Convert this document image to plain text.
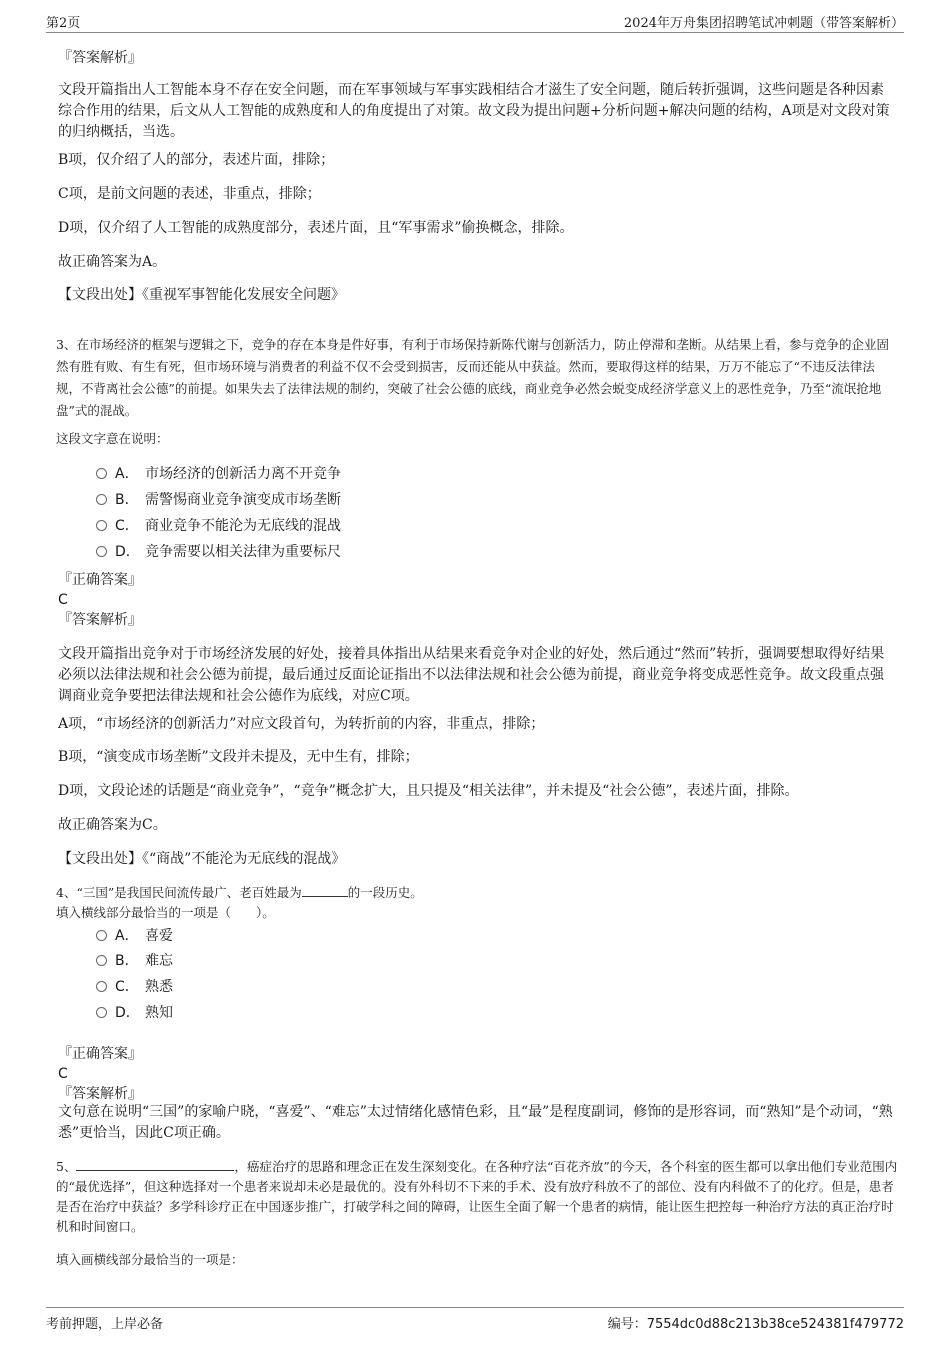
第2页	2024年万舟集团招聘笔试冲刺题（带答案解析）
『答案解析』
文段开篇指出人工智能本身不存在安全问题，而在军事领域与军事实践相结合才滋生了安全问题，随后转折强调，这些问题是各种因素综合作用的结果，后文从人工智能的成熟度和人的角度提出了对策。故文段为提出问题+分析问题+解决问题的结构，A项是对文段对策的归纳概括，当选。
B项，仅介绍了人的部分，表述片面，排除；
C项，是前文问题的表述，非重点，排除；
D项，仅介绍了人工智能的成熟度部分，表述片面，且“军事需求”偷换概念，排除。
故正确答案为A。
【文段出处】《重视军事智能化发展安全问题》
3、在市场经济的框架与逻辑之下，竞争的存在本身是件好事，有利于市场保持新陈代谢与创新活力，防止停滞和垄断。从结果上看，参与竞争的企业固然有胜有败、有生有死，但市场环境与消费者的利益不仅不会受到损害，反而还能从中获益。然而，要取得这样的结果，万万不能忘了“不违反法律法规，不背离社会公德”的前提。如果失去了法律法规的制约，突破了社会公德的底线，商业竞争必然会蜕变成经济学意义上的恶性竞争，乃至“流氓抢地盘”式的混战。
这段文字意在说明：
A． 市场经济的创新活力离不开竞争
B． 需警惕商业竞争演变成市场垄断
C． 商业竞争不能沦为无底线的混战
D． 竞争需要以相关法律为重要标尺
『正确答案』
C
『答案解析』
文段开篇指出竞争对于市场经济发展的好处，接着具体指出从结果来看竞争对企业的好处，然后通过“然而”转折，强调要想取得好结果必须以法律法规和社会公德为前提，最后通过反面论证指出不以法律法规和社会公德为前提，商业竞争将变成恶性竞争。故文段重点强调商业竞争要把法律法规和社会公德作为底线，对应C项。
A项，“市场经济的创新活力”对应文段首句，为转折前的内容，非重点，排除；
B项，“演变成市场垄断”文段并未提及，无中生有，排除；
D项，文段论述的话题是“商业竞争”，“竞争”概念扩大，且只提及“相关法律”，并未提及“社会公德”，表述片面，排除。
故正确答案为C。
【文段出处】《“商战”不能沦为无底线的混战》
4、“三国”是我国民间流传最广、老百姓最为	的一段历史。
填入横线部分最恰当的一项是（　　）。
A． 喜爱
B． 难忘
C． 熟悉
D． 熟知
『正确答案』
C
『答案解析』
文句意在说明“三国”的家喻户晓，“喜爱”、“难忘”太过情绪化感情色彩，且“最”是程度副词，修饰的是形容词，而“熟知”是个动词，“熟悉”更恰当，因此C项正确。
5、	，癌症治疗的思路和理念正在发生深刻变化。在各种疗法“百花齐放”的今天，各个科室的医生都可以拿出他们专业范围内的“最优选择”，但这种选择对一个患者来说却未必是最优的。没有外科切不下来的手术、没有放疗科放不了的部位、没有内科做不了的化疗。但是，患者是否在治疗中获益？多学科诊疗正在中国逐步推广，打破学科之间的障碍，让医生全面了解一个患者的病情，能让医生把控每一种治疗方法的真正治疗时机和时间窗口。
填入画横线部分最恰当的一项是：
考前押题，上岸必备	编号：7554dc0d88c213b38ce524381f479772
